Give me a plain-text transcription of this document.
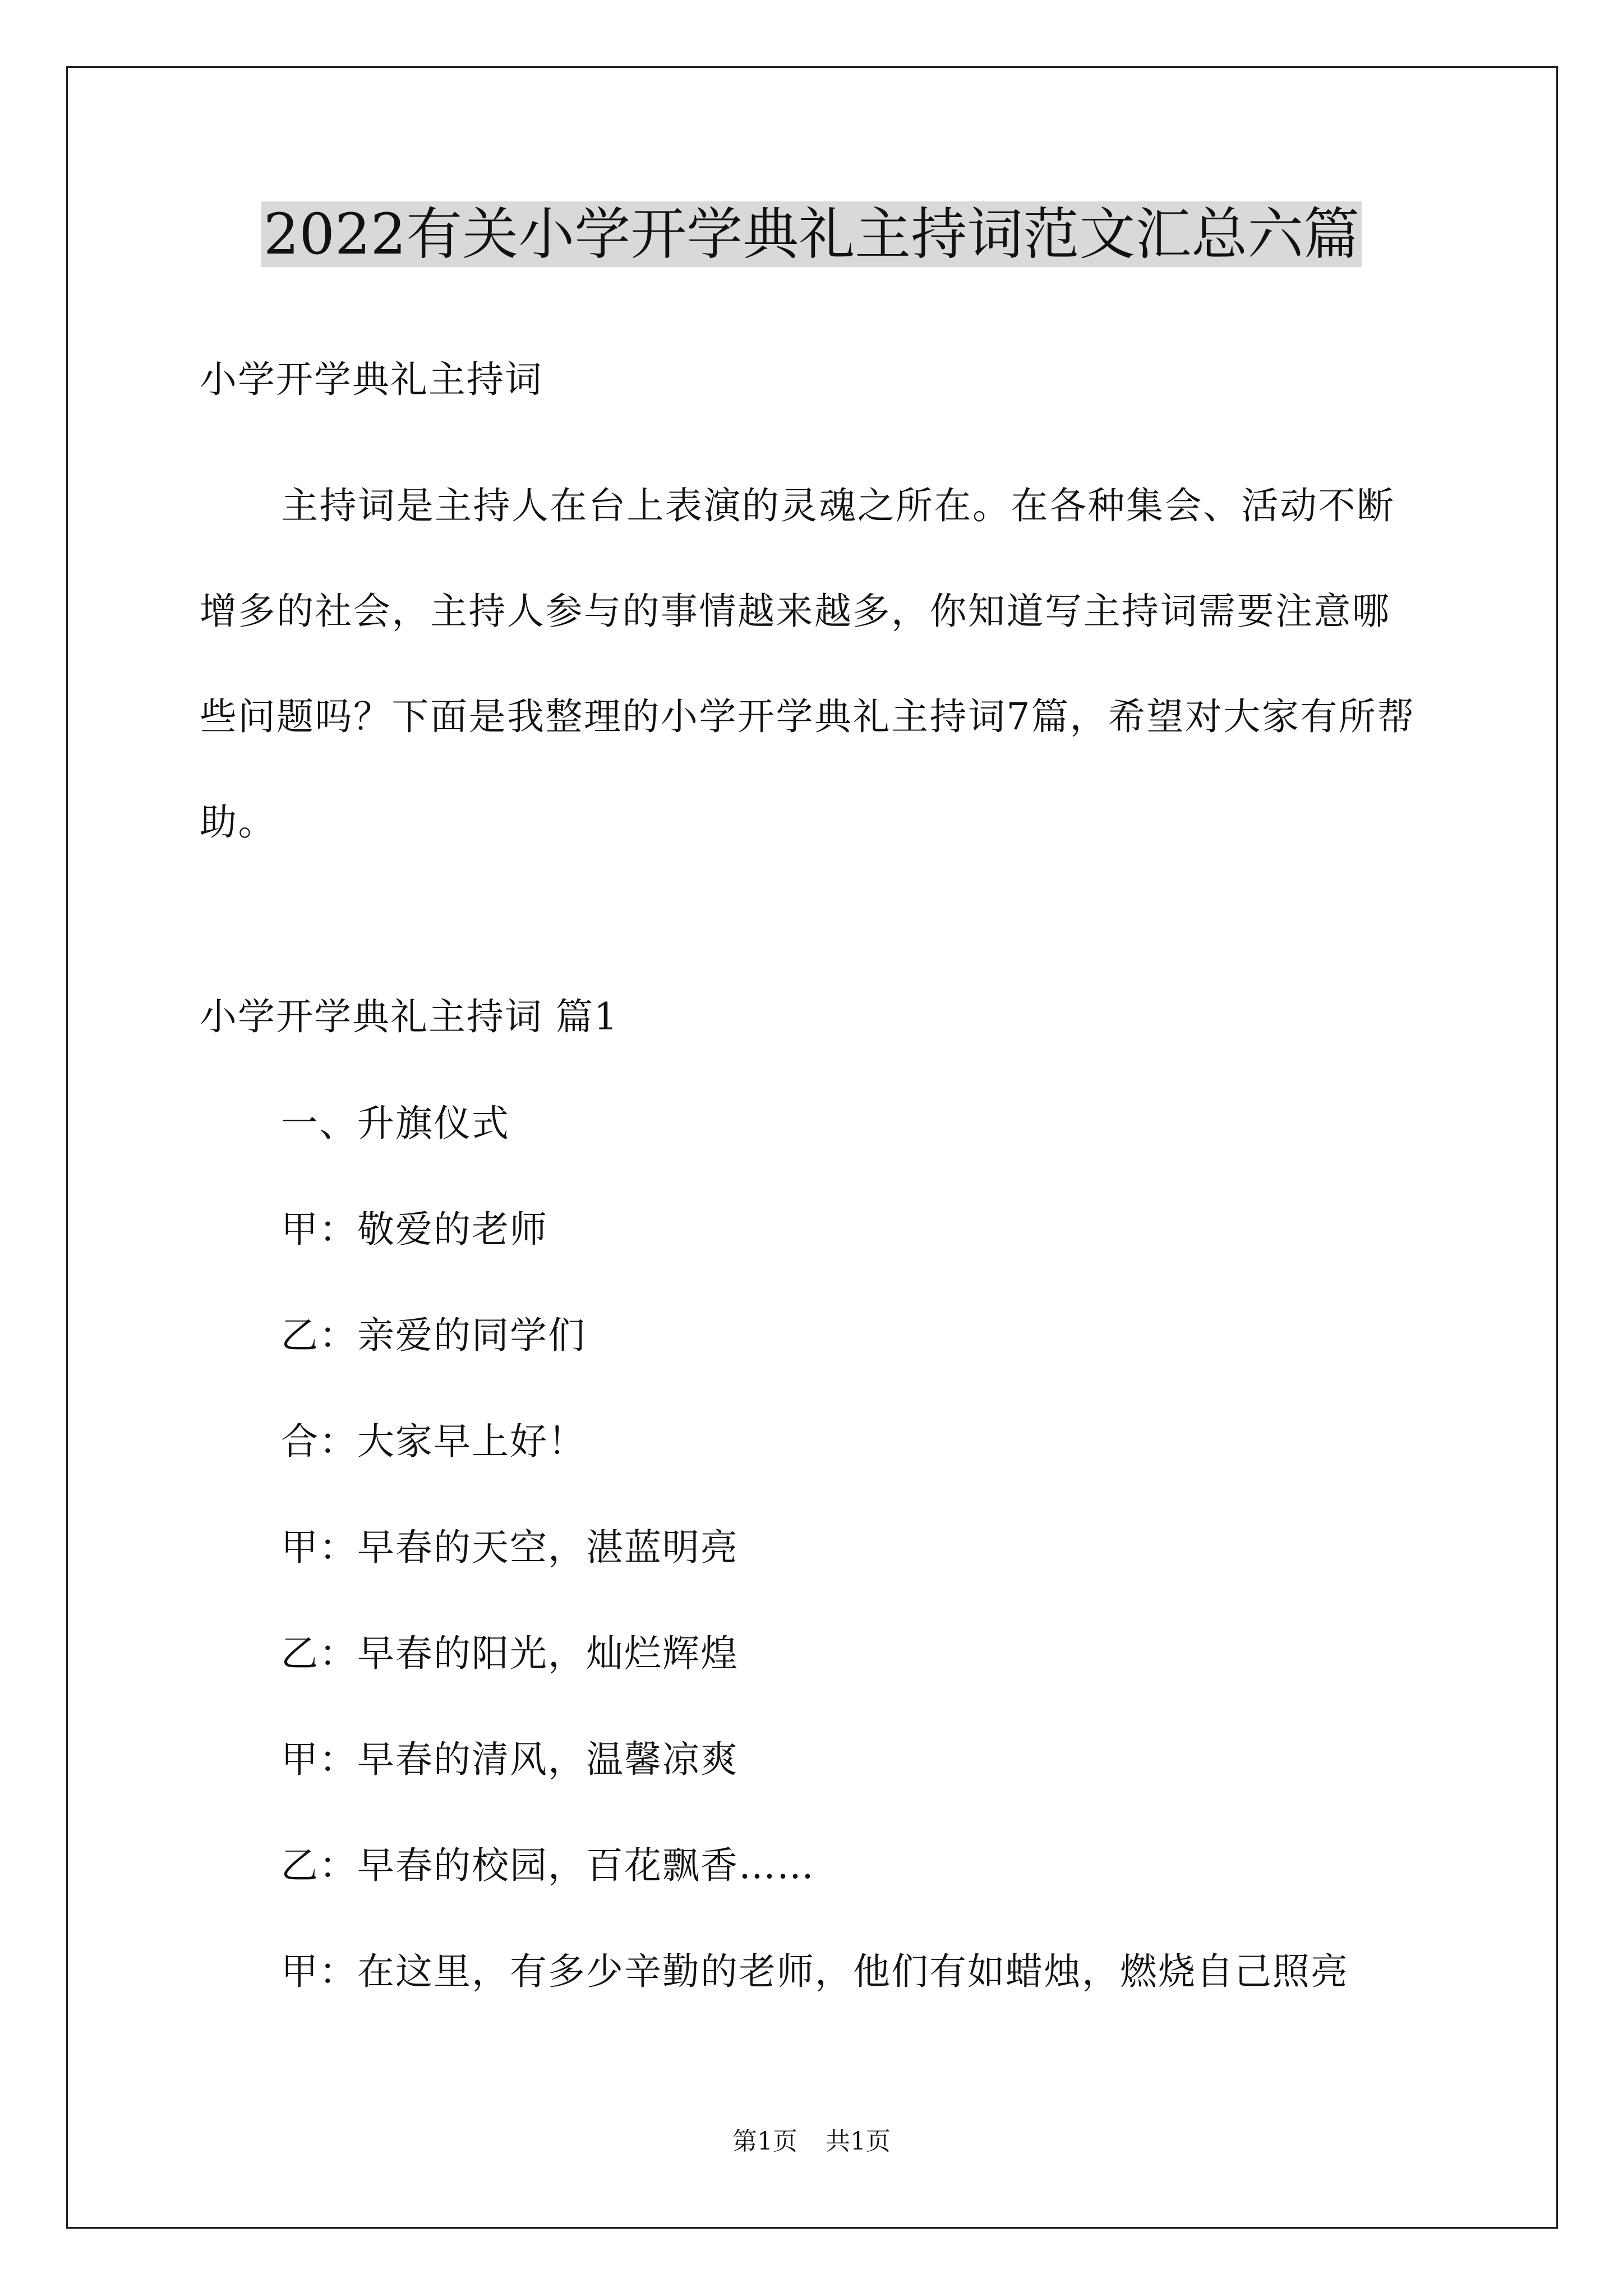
2022有关小学开学典礼主持词范文汇总六篇

小学开学典礼主持词

主持词是主持人在台上表演的灵魂之所在。在各种集会、活动不断增多的社会，主持人参与的事情越来越多，你知道写主持词需要注意哪些问题吗？下面是我整理的小学开学典礼主持词7篇，希望对大家有所帮助。

小学开学典礼主持词 篇1

一、升旗仪式
甲：敬爱的老师
乙：亲爱的同学们
合：大家早上好！
甲：早春的天空，湛蓝明亮
乙：早春的阳光，灿烂辉煌
甲：早春的清风，温馨凉爽
乙：早春的校园，百花飘香……
甲：在这里，有多少辛勤的老师，他们有如蜡烛，燃烧自己照亮
第1页 共1页
